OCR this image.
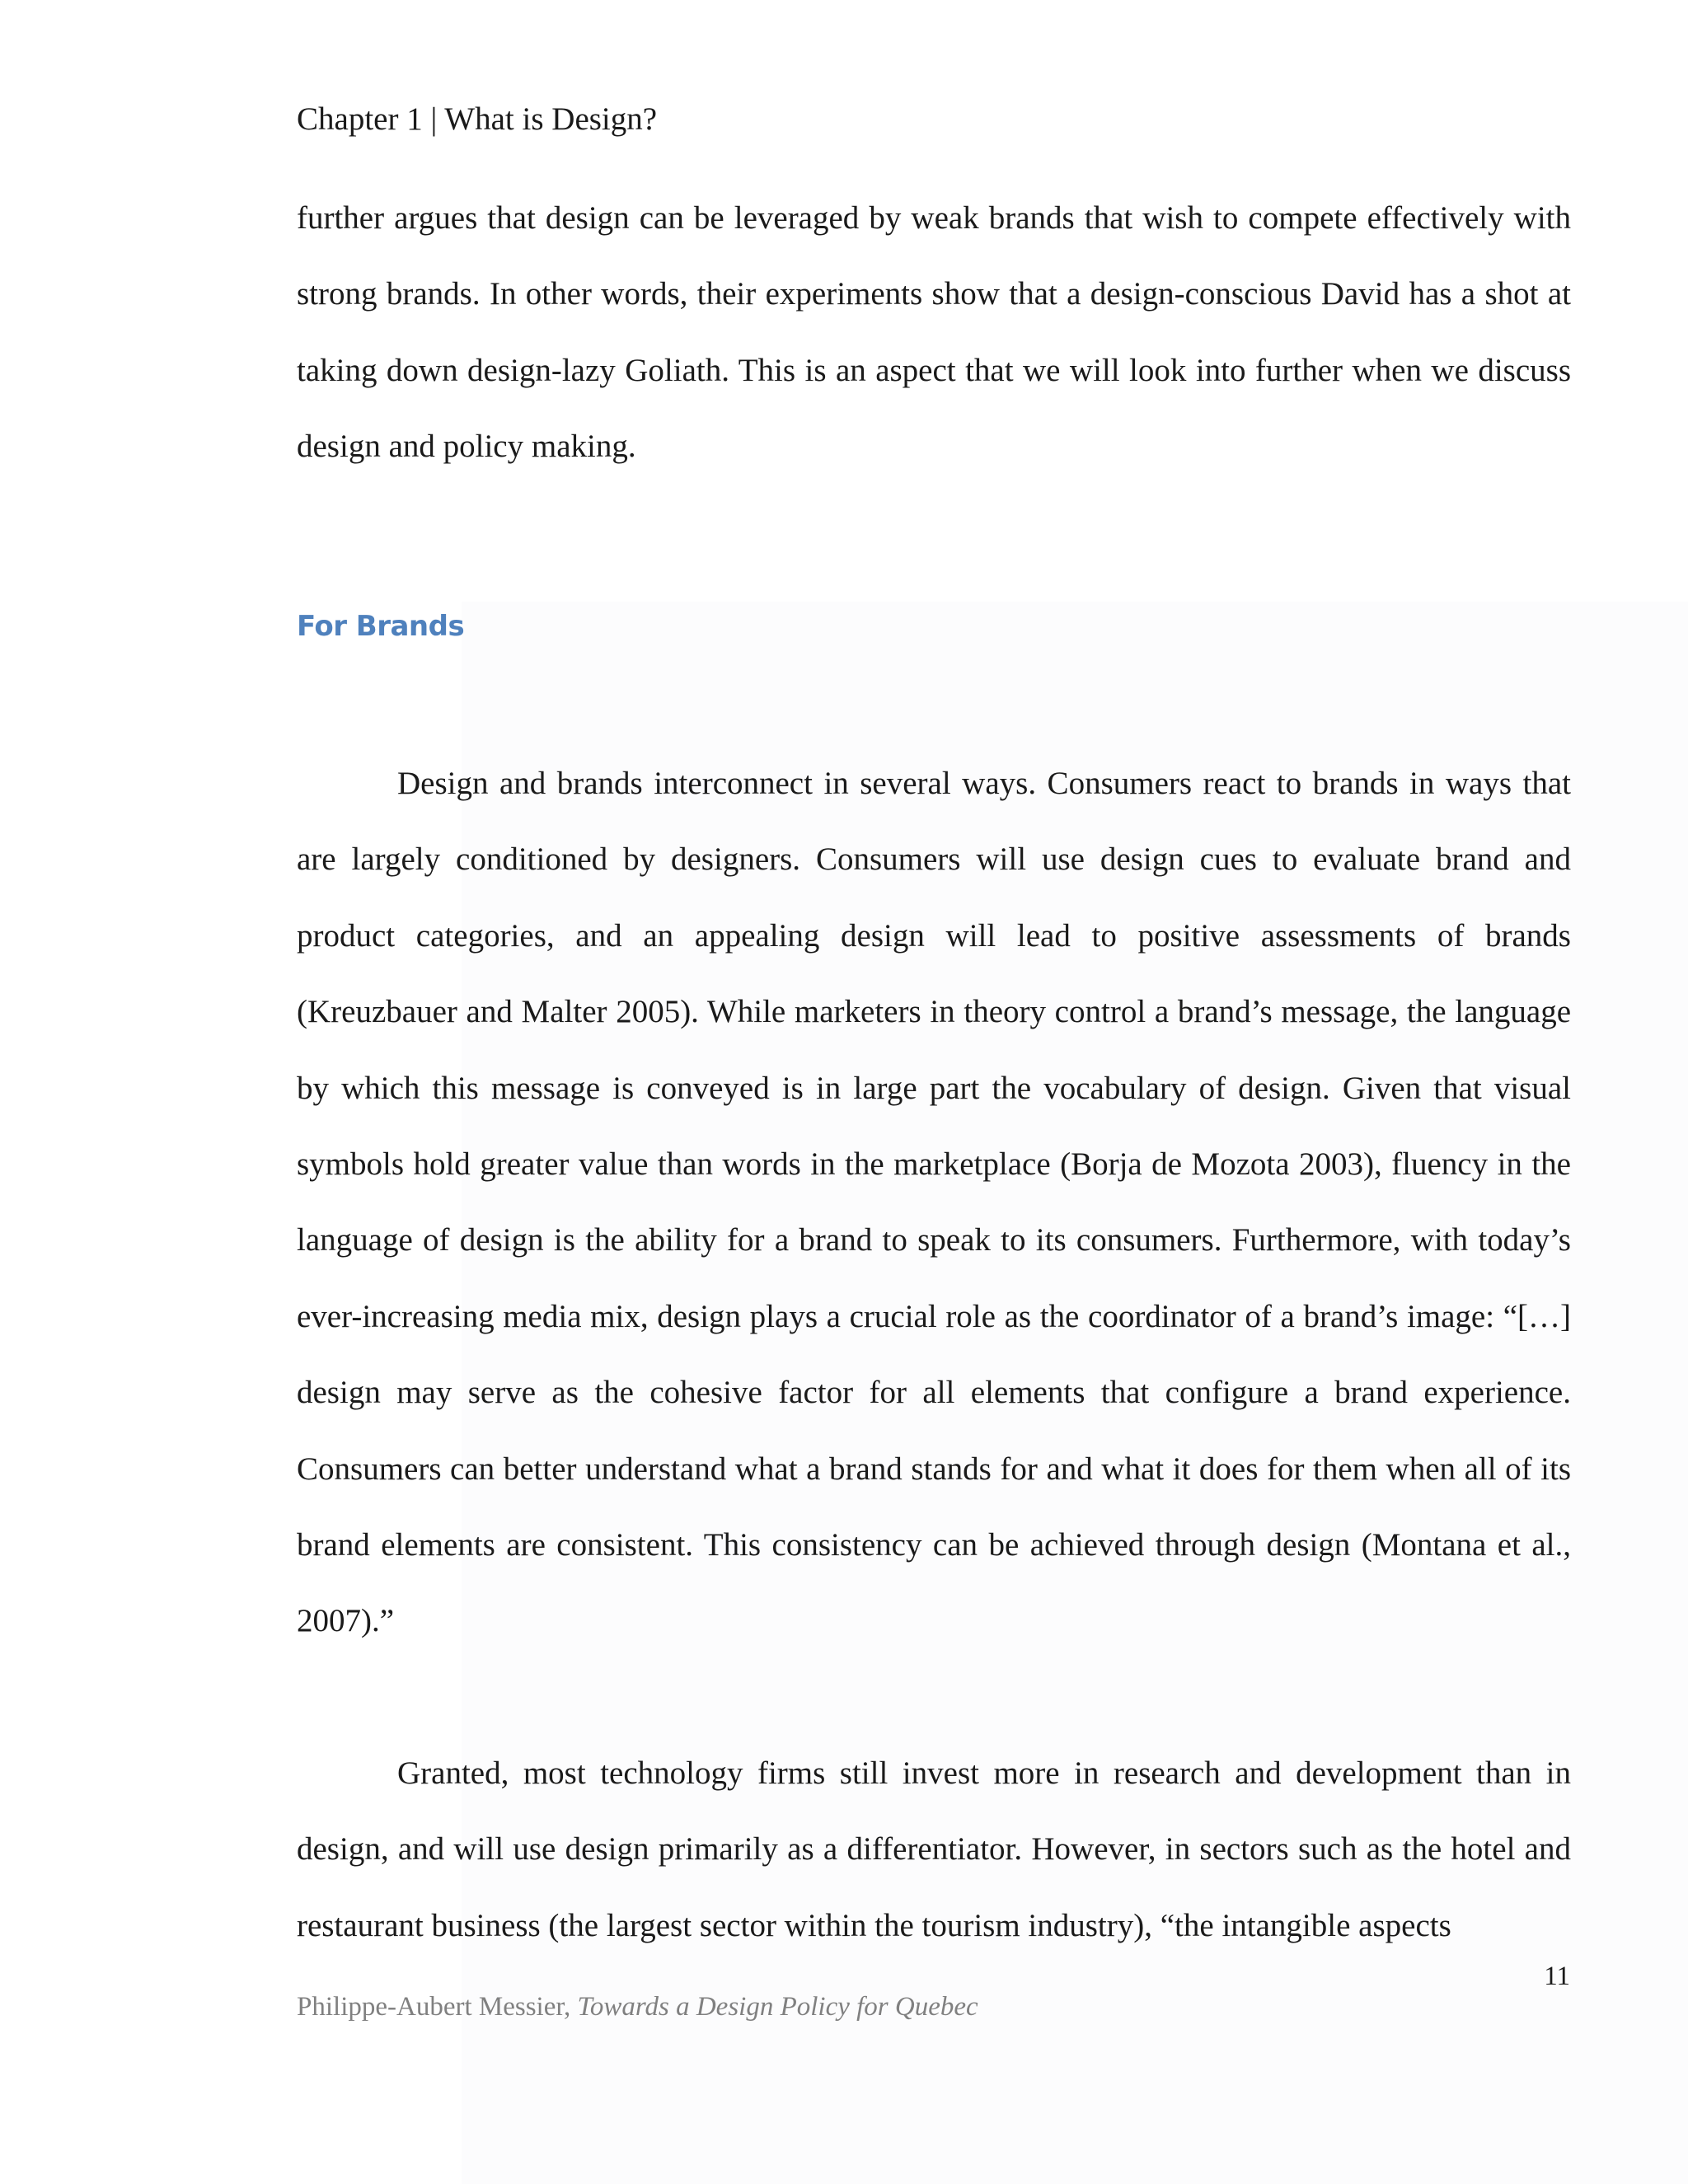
Chapter 1 | What is Design?

further argues that design can be leveraged by weak brands that wish to compete effectively with strong brands. In other words, their experiments show that a design-conscious David has a shot at taking down design-lazy Goliath. This is an aspect that we will look into further when we discuss design and policy making.

For Brands

Design and brands interconnect in several ways. Consumers react to brands in ways that are largely conditioned by designers. Consumers will use design cues to evaluate brand and product categories, and an appealing design will lead to positive assessments of brands (Kreuzbauer and Malter 2005). While marketers in theory control a brand’s message, the language by which this message is conveyed is in large part the vocabulary of design. Given that visual symbols hold greater value than words in the marketplace (Borja de Mozota 2003), fluency in the language of design is the ability for a brand to speak to its consumers. Furthermore, with today’s ever-increasing media mix, design plays a crucial role as the coordinator of a brand’s image: “[…] design may serve as the cohesive factor for all elements that configure a brand experience. Consumers can better understand what a brand stands for and what it does for them when all of its brand elements are consistent. This consistency can be achieved through design (Montana et al., 2007).”

Granted, most technology firms still invest more in research and development than in design, and will use design primarily as a differentiator. However, in sectors such as the hotel and restaurant business (the largest sector within the tourism industry), “the intangible aspects

11
Philippe-Aubert Messier, Towards a Design Policy for Quebec
